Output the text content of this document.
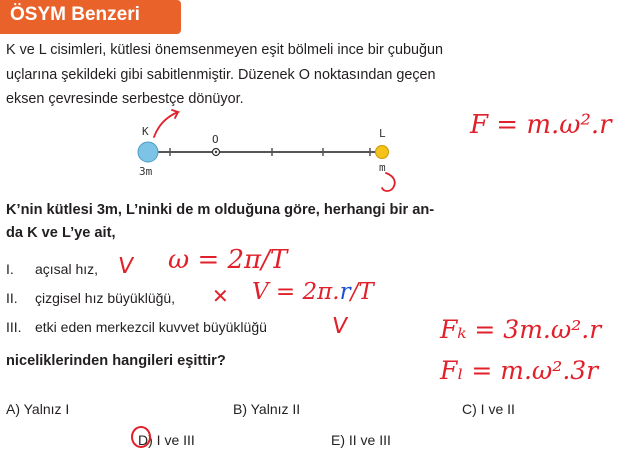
ÖSYM Benzeri
K ve L cisimleri, kütlesi önemsenmeyen eşit bölmeli ince bir çubuğun
uçlarına şekildeki gibi sabitlenmiştir. Düzenek O noktasından geçen
eksen çevresinde serbestçe dönüyor.
K
O	L
3m	m
K’nin kütlesi 3m, L’ninki de m olduğuna göre, herhangi bir an-
da K ve L’ye ait,
I. açısal hız,
II. çizgisel hız büyüklüğü,
III. etki eden merkezcil kuvvet büyüklüğü
niceliklerinden hangileri eşittir?
A) Yalnız I	B) Yalnız II	C) I ve II
D) I ve III	E) II ve III
V ω = 2π/T
✕ V = 2π.r/T
V
F = m.ω².r
Fₖ = 3m.ω².r
Fₗ = m.ω².3r
